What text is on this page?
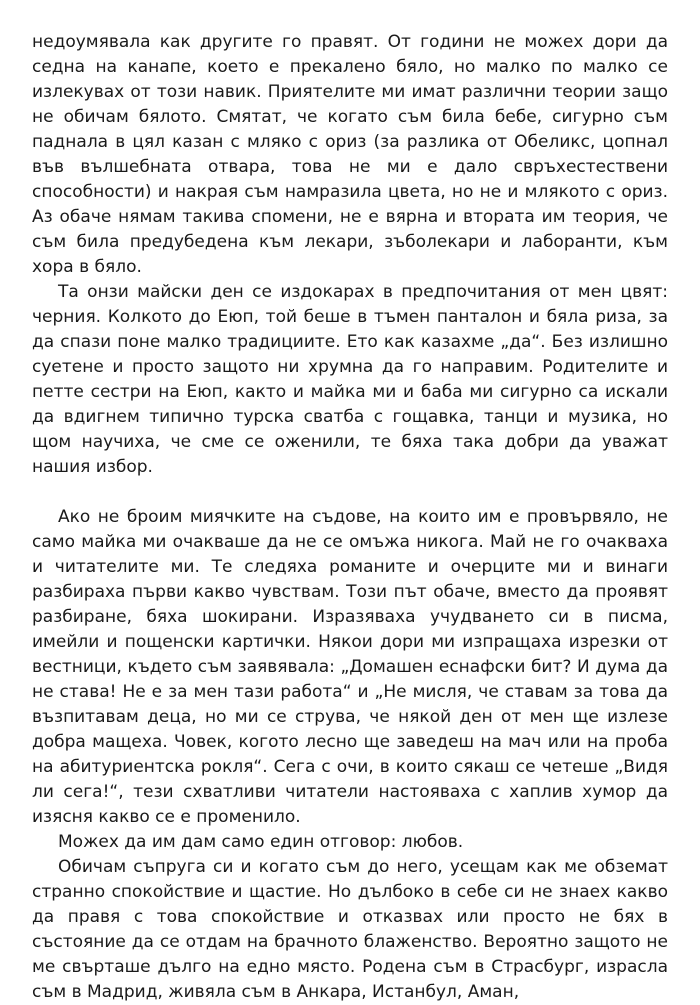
недоумявала как другите го правят. От години не можех дори да седна на канапе, което е прекалено бяло, но малко по малко се излекувах от този навик. Приятелите ми имат различни теории защо не обичам бялото. Смятат, че когато съм била бебе, сигурно съм паднала в цял казан с мляко с ориз (за разлика от Обеликс, цопнал във вълшебната отвара, това не ми е дало свръхестествени способности) и накрая съм намразила цвета, но не и млякото с ориз. Аз обаче нямам такива спомени, не е вярна и втората им теория, че съм била предубедена към лекари, зъболекари и лаборанти, към хора в бяло.

Та онзи майски ден се издокарах в предпочитания от мен цвят: черния. Колкото до Еюп, той беше в тъмен панталон и бяла риза, за да спази поне малко традициите. Ето как казахме „да“. Без излишно суетене и просто защото ни хрумна да го направим. Родителите и петте сестри на Еюп, както и майка ми и баба ми сигурно са искали да вдигнем типично турска сватба с гощавка, танци и музика, но щом научиха, че сме се оженили, те бяха така добри да уважат нашия избор.

Ако не броим миячките на съдове, на които им е провървяло, не само майка ми очакваше да не се омъжа никога. Май не го очакваха и читателите ми. Те следяха романите и очерците ми и винаги разбираха първи какво чувствам. Този път обаче, вместо да проявят разбиране, бяха шокирани. Изразяваха учудването си в писма, имейли и пощенски картички. Някои дори ми изпращаха изрезки от вестници, където съм заявявала: „Домашен еснафски бит? И дума да не става! Не е за мен тази работа“ и „Не мисля, че ставам за това да възпитавам деца, но ми се струва, че някой ден от мен ще излезе добра мащеха. Човек, когото лесно ще заведеш на мач или на проба на абитуриентска рокля“. Сега с очи, в които сякаш се четеше „Видя ли сега!“, тези схватливи читатели настояваха с хаплив хумор да изясня какво се е променило.

Можех да им дам само един отговор: любов.

Обичам съпруга си и когато съм до него, усещам как ме обземат странно спокойствие и щастие. Но дълбоко в себе си не знаех какво да правя с това спокойствие и отказвах или просто не бях в състояние да се отдам на брачното блаженство. Вероятно защото не ме свърташе дълго на едно място. Родена съм в Страсбург, израсла съм в Мадрид, живяла съм в Анкара, Истанбул, Аман,
